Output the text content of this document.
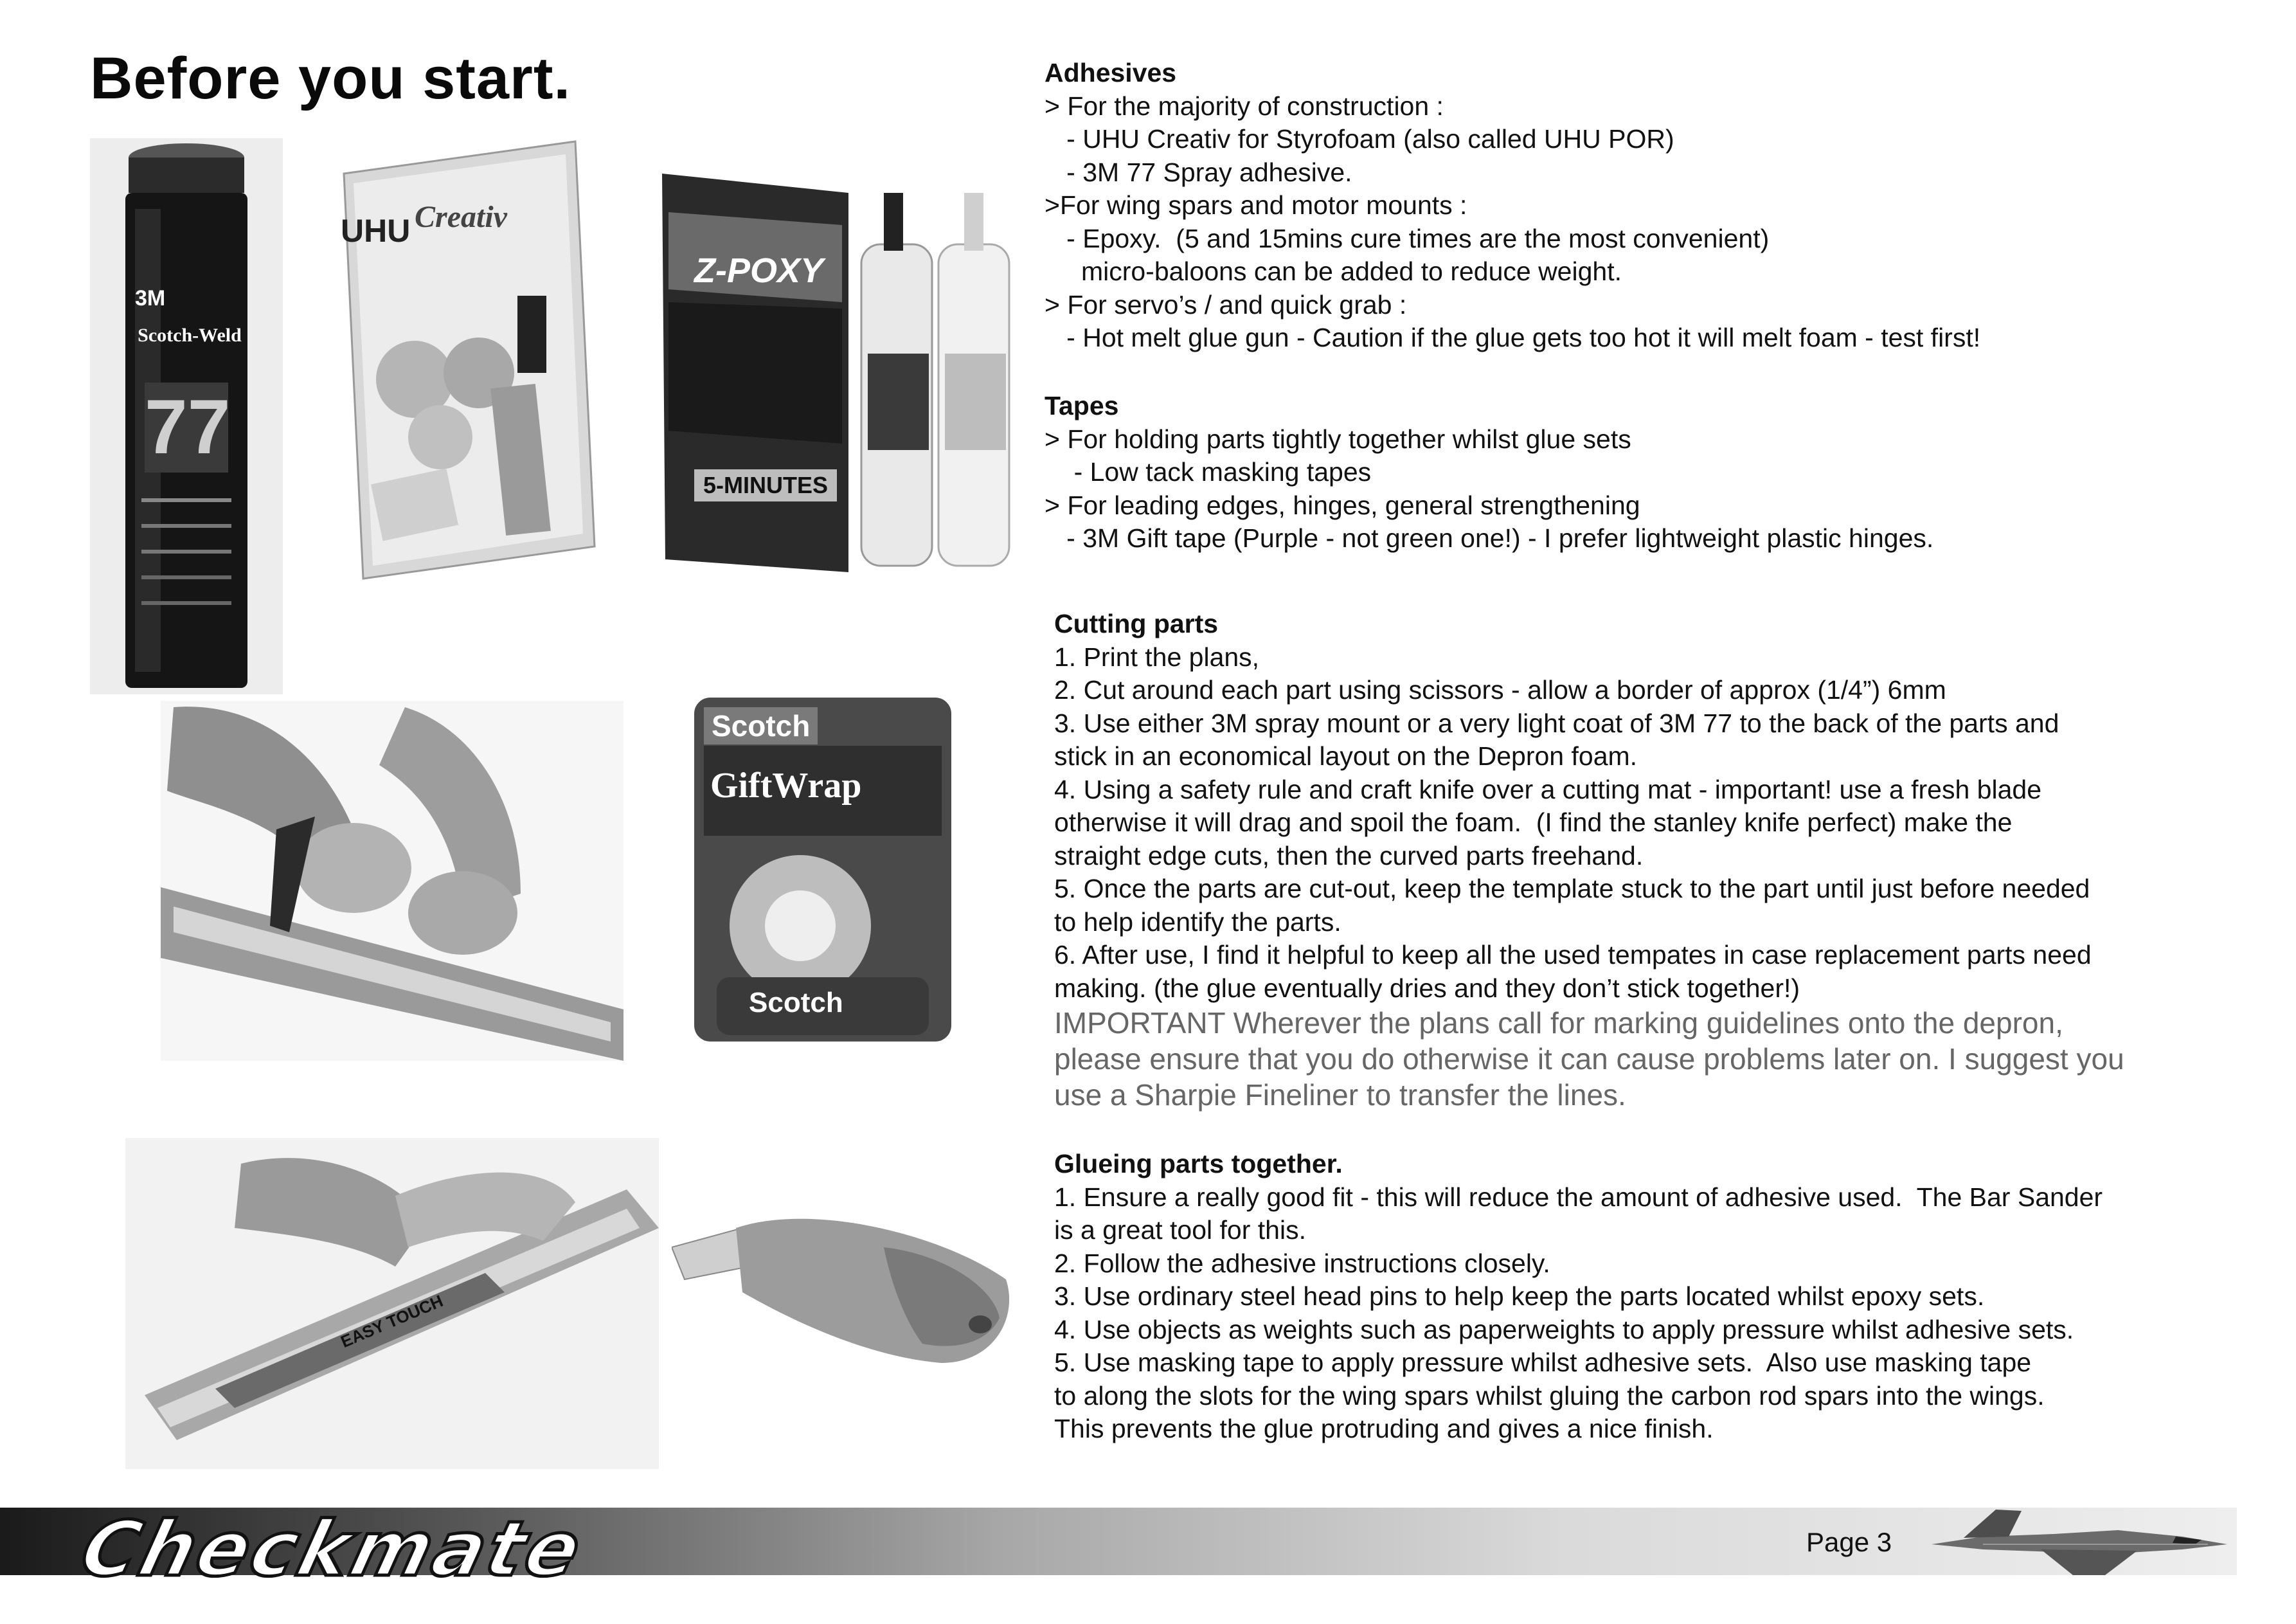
Before you start.
3M
Scotch-Weld
77
UHU Creativ
Z-POXY
5-MINUTES
Scotch
GiftWrap
Scotch
EASY TOUCH
Adhesives
> For the majority of construction :
- UHU Creativ for Styrofoam (also called UHU POR)
- 3M 77 Spray adhesive.
>For wing spars and motor mounts :
- Epoxy.  (5 and 15mins cure times are the most convenient)
micro-baloons can be added to reduce weight.
> For servo’s / and quick grab :
- Hot melt glue gun - Caution if the glue gets too hot it will melt foam - test first!
Tapes
> For holding parts tightly together whilst glue sets
- Low tack masking tapes
> For leading edges, hinges, general strengthening
- 3M Gift tape (Purple - not green one!) - I prefer lightweight plastic hinges.
Cutting parts
1. Print the plans,
2. Cut around each part using scissors - allow a border of approx (1/4”) 6mm
3. Use either 3M spray mount or a very light coat of 3M 77 to the back of the parts and
stick in an economical layout on the Depron foam.
4. Using a safety rule and craft knife over a cutting mat - important! use a fresh blade
otherwise it will drag and spoil the foam.  (I find the stanley knife perfect) make the
straight edge cuts, then the curved parts freehand.
5. Once the parts are cut-out, keep the template stuck to the part until just before needed
to help identify the parts.
6. After use, I find it helpful to keep all the used tempates in case replacement parts need
making. (the glue eventually dries and they don’t stick together!)
IMPORTANT Wherever the plans call for marking guidelines onto the depron,
please ensure that you do otherwise it can cause problems later on. I suggest you
use a Sharpie Fineliner to transfer the lines.
Glueing parts together.
1. Ensure a really good fit - this will reduce the amount of adhesive used.  The Bar Sander
is a great tool for this.
2. Follow the adhesive instructions closely.
3. Use ordinary steel head pins to help keep the parts located whilst epoxy sets.
4. Use objects as weights such as paperweights to apply pressure whilst adhesive sets.
5. Use masking tape to apply pressure whilst adhesive sets.  Also use masking tape
to along the slots for the wing spars whilst gluing the carbon rod spars into the wings.
This prevents the glue protruding and gives a nice finish.
Checkmate	Page 3
